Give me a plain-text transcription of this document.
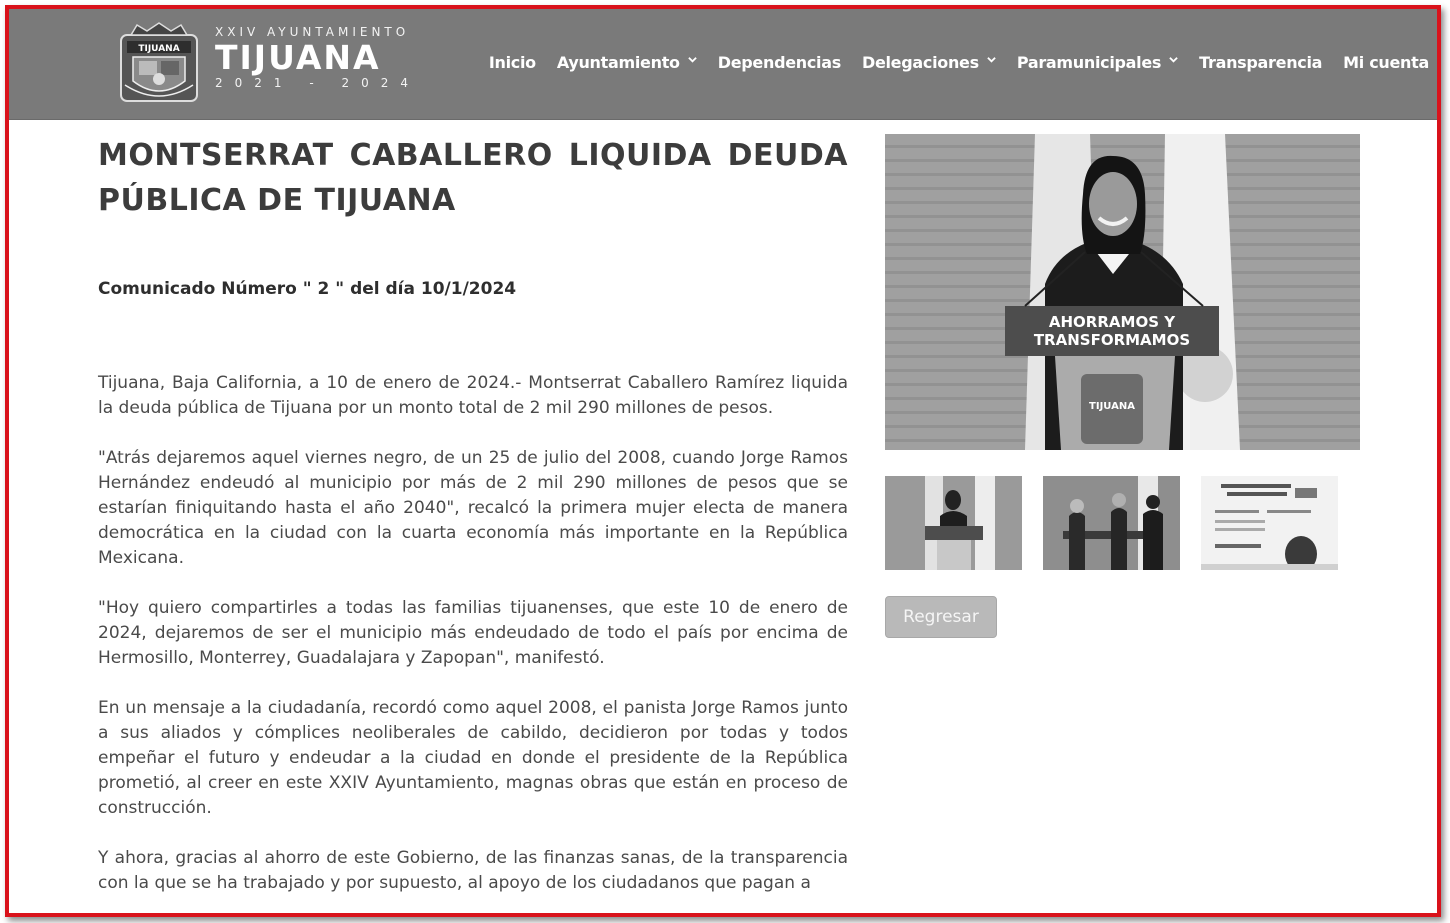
TIJUANA
XXIV AYUNTAMIENTO
TIJUANA
2021 - 2024
Inicio Ayuntamiento Dependencias Delegaciones Paramunicipales Transparencia Mi cuenta
MONTSERRAT CABALLERO LIQUIDA DEUDA PÚBLICA DE TIJUANA
Comunicado Número " 2 " del día 10/1/2024

Tijuana, Baja California, a 10 de enero de 2024.- Montserrat Caballero Ramírez liquida la deuda pública de Tijuana por un monto total de 2 mil 290 millones de pesos.

"Atrás dejaremos aquel viernes negro, de un 25 de julio del 2008, cuando Jorge Ramos Hernández endeudó al municipio por más de 2 mil 290 millones de pesos que se estarían finiquitando hasta el año 2040", recalcó la primera mujer electa de manera democrática en la ciudad con la cuarta economía más importante en la República Mexicana.

"Hoy quiero compartirles a todas las familias tijuanenses, que este 10 de enero de 2024, dejaremos de ser el municipio más endeudado de todo el país por encima de Hermosillo, Monterrey, Guadalajara y Zapopan", manifestó.

En un mensaje a la ciudadanía, recordó como aquel 2008, el panista Jorge Ramos junto a sus aliados y cómplices neoliberales de cabildo, decidieron por todas y todos empeñar el futuro y endeudar a la ciudad en donde el presidente de la República prometió, al creer en este XXIV Ayuntamiento, magnas obras que están en proceso de construcción.

Y ahora, gracias al ahorro de este Gobierno, de las finanzas sanas, de la transparencia con la que se ha trabajado y por supuesto, al apoyo de los ciudadanos que pagan a

AHORRAMOS Y
TRANSFORMAMOS
TIJUANA
Regresar
